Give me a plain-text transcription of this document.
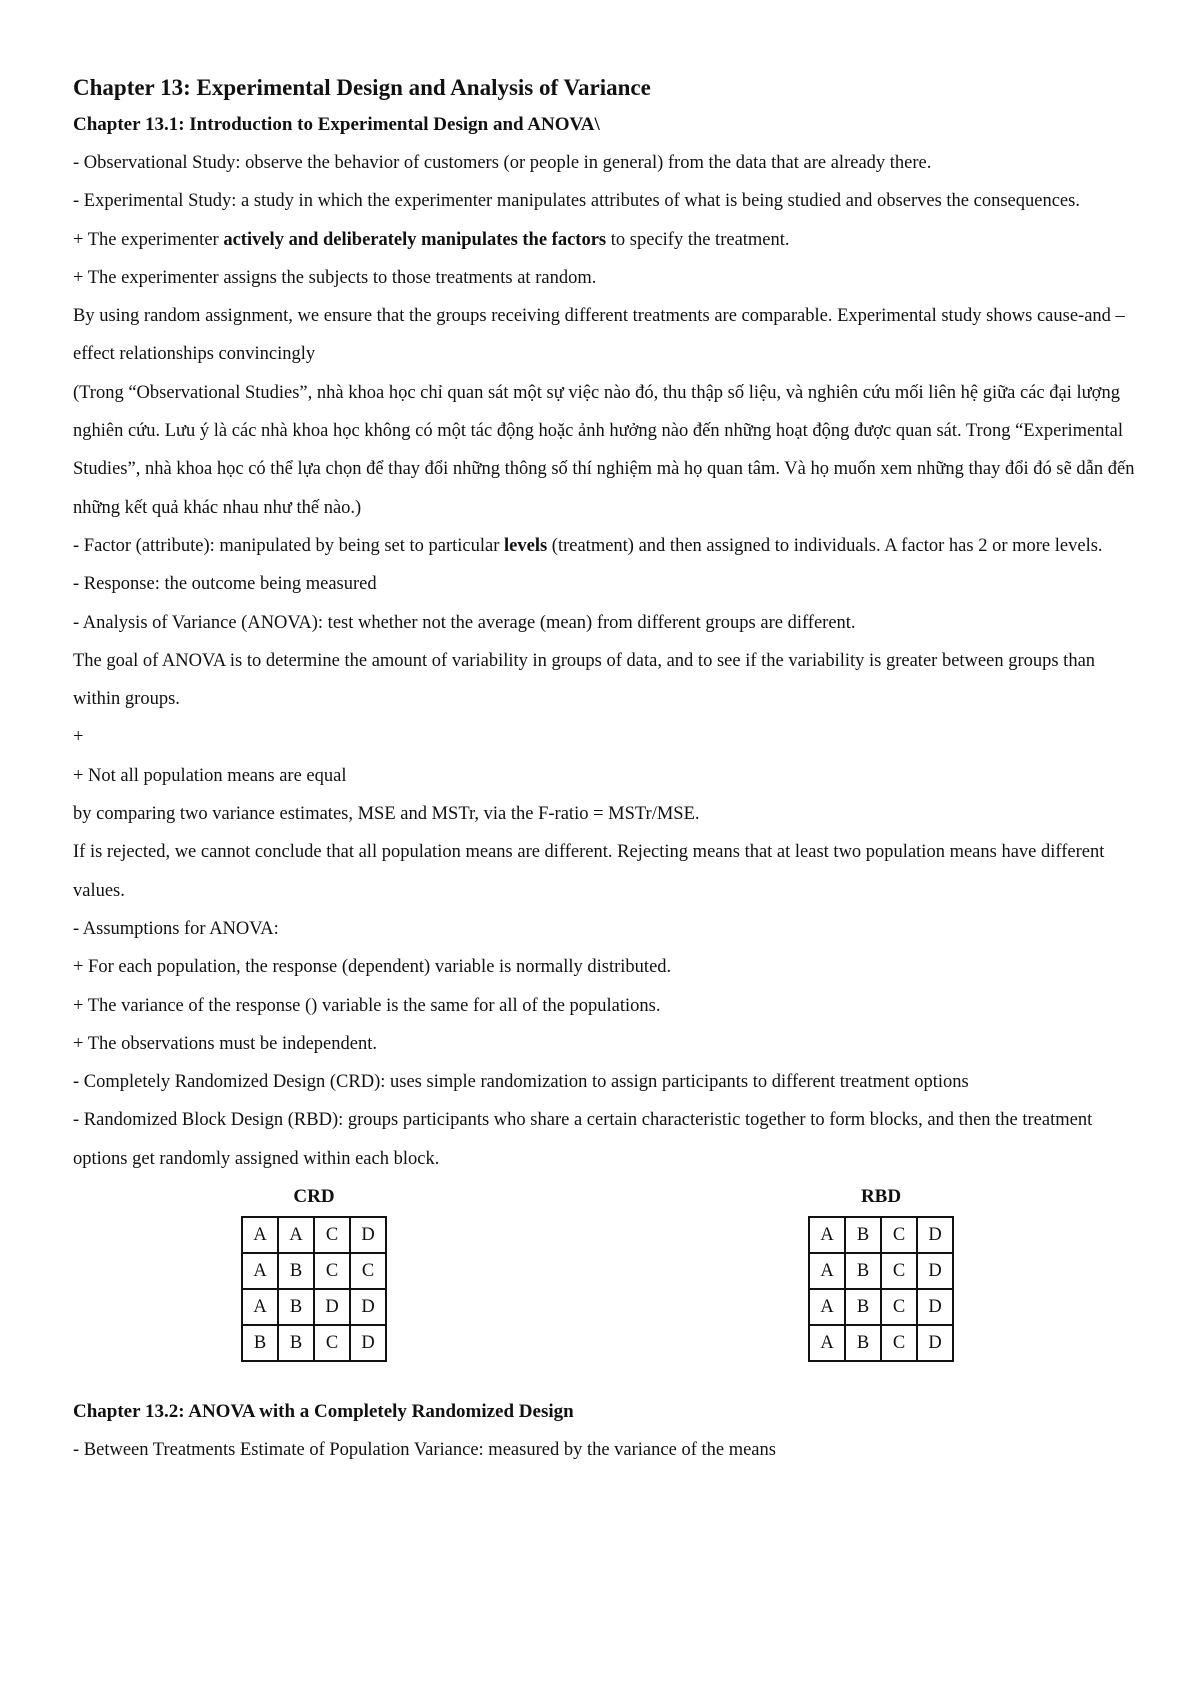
Chapter 13: Experimental Design and Analysis of Variance
Chapter 13.1: Introduction to Experimental Design and ANOVA\

- Observational Study: observe the behavior of customers (or people in general) from the data that are already there.

- Experimental Study: a study in which the experimenter manipulates attributes of what is being studied and observes the consequences.

+ The experimenter actively and deliberately manipulates the factors to specify the treatment.

+ The experimenter assigns the subjects to those treatments at random.

By using random assignment, we ensure that the groups receiving different treatments are comparable. Experimental study shows cause-and –effect relationships convincingly

(Trong “Observational Studies”, nhà khoa học chỉ quan sát một sự việc nào đó, thu thập số liệu, và nghiên cứu mối liên hệ giữa các đại lượng nghiên cứu. Lưu ý là các nhà khoa học không có một tác động hoặc ảnh hưởng nào đến những hoạt động được quan sát. Trong “Experimental Studies”, nhà khoa học có thể lựa chọn để thay đổi những thông số thí nghiệm mà họ quan tâm. Và họ muốn xem những thay đổi đó sẽ dẫn đến những kết quả khác nhau như thế nào.)

- Factor (attribute): manipulated by being set to particular levels (treatment) and then assigned to individuals. A factor has 2 or more levels.

- Response: the outcome being measured

- Analysis of Variance (ANOVA): test whether not the average (mean) from different groups are different.

The goal of ANOVA is to determine the amount of variability in groups of data, and to see if the variability is greater between groups than within groups.

+

+ Not all population means are equal

by comparing two variance estimates, MSE and MSTr, via the F-ratio = MSTr/MSE.

If is rejected, we cannot conclude that all population means are different. Rejecting means that at least two population means have different values.

- Assumptions for ANOVA:

+ For each population, the response (dependent) variable is normally distributed.

+ The variance of the response () variable is the same for all of the populations.

+ The observations must be independent.

- Completely Randomized Design (CRD): uses simple randomization to assign participants to different treatment options

- Randomized Block Design (RBD): groups participants who share a certain characteristic together to form blocks, and then the treatment options get randomly assigned within each block.

CRD
A	A	C	D
A	B	C	C
A	B	D	D
B	B	C	D
RBD
A	B	C	D
A	B	C	D
A	B	C	D
A	B	C	D
Chapter 13.2: ANOVA with a Completely Randomized Design

- Between Treatments Estimate of Population Variance: measured by the variance of the means
